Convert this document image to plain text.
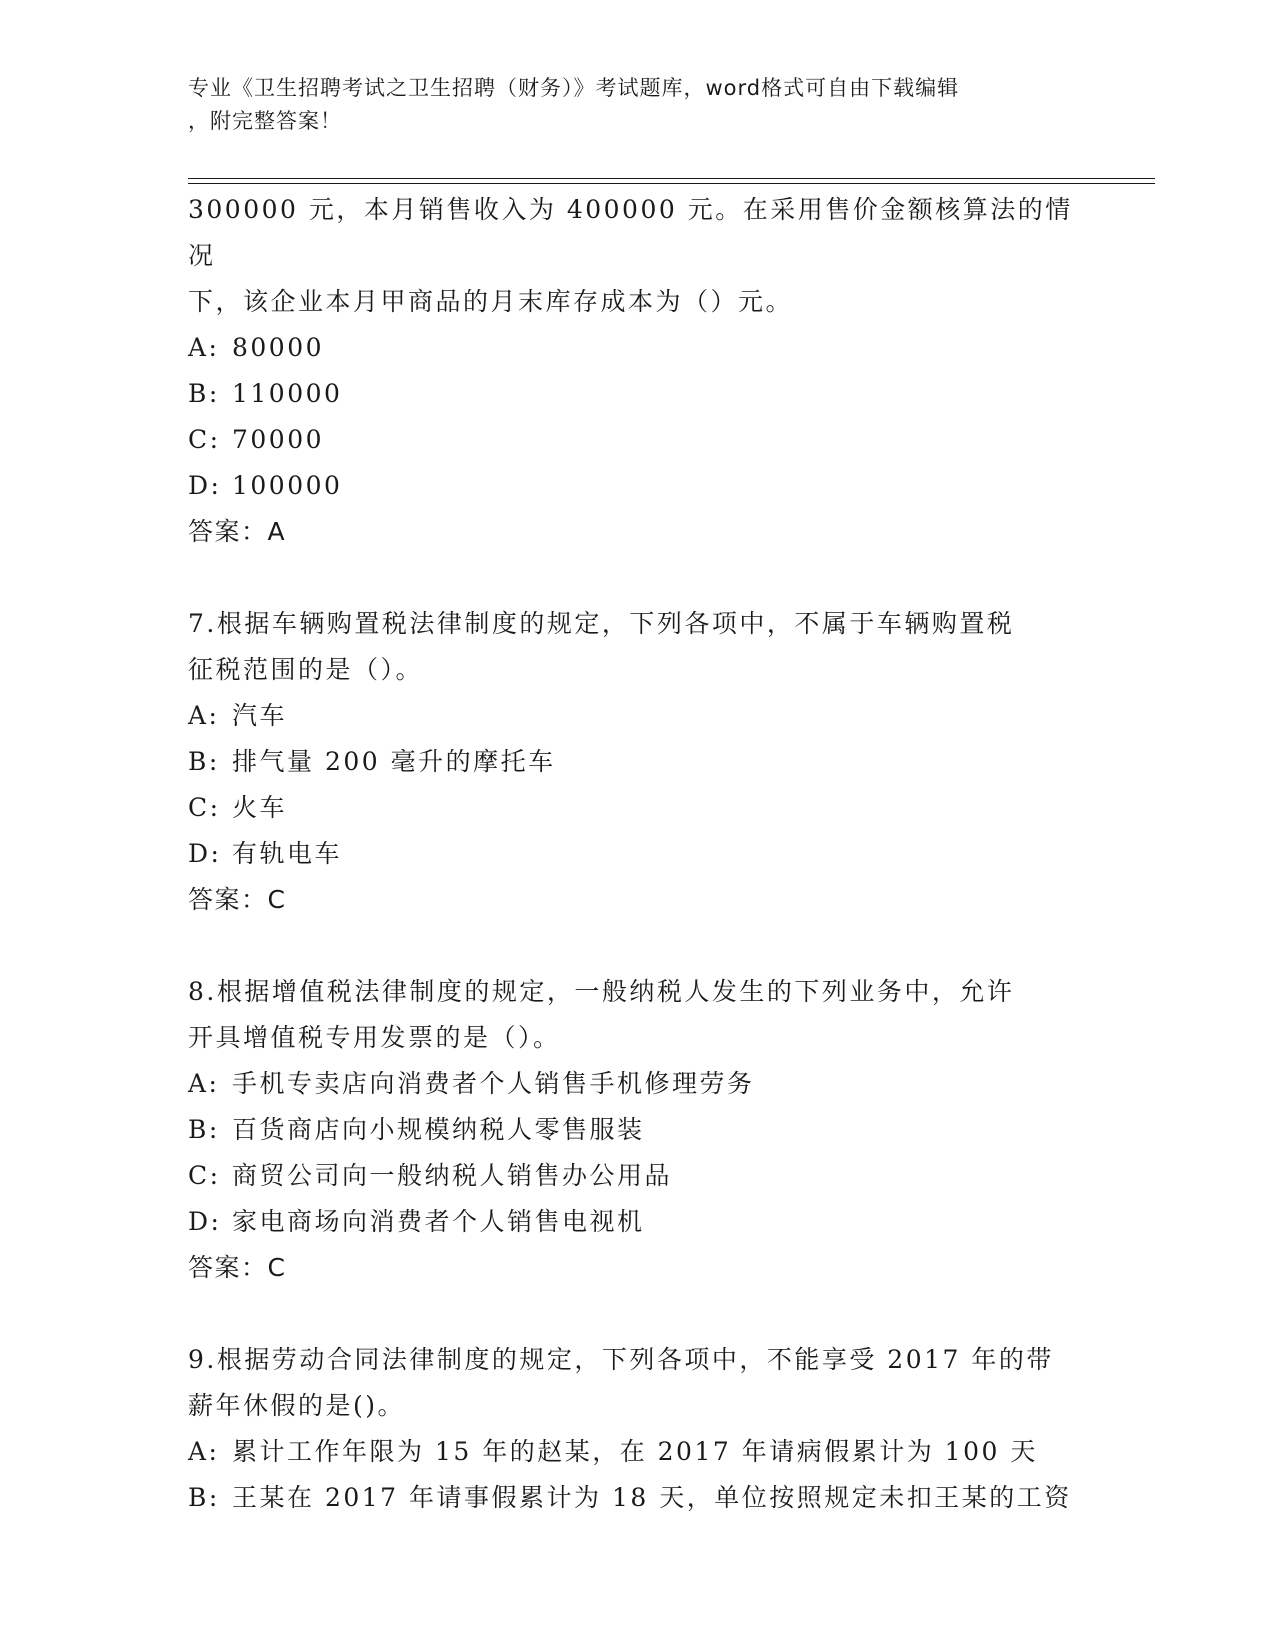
专业《卫生招聘考试之卫生招聘（财务）》考试题库，word格式可自由下载编辑
，附完整答案！

300000 元，本月销售收入为 400000 元。在采用售价金额核算法的情况

下，该企业本月甲商品的月末库存成本为（）元。

A: 80000

B: 110000

C: 70000

D: 100000

答案：A

7.根据车辆购置税法律制度的规定，下列各项中，不属于车辆购置税

征税范围的是（）。

A: 汽车

B: 排气量 200 毫升的摩托车

C: 火车

D: 有轨电车

答案：C

8.根据增值税法律制度的规定，一般纳税人发生的下列业务中，允许

开具增值税专用发票的是（）。

A: 手机专卖店向消费者个人销售手机修理劳务

B: 百货商店向小规模纳税人零售服装

C: 商贸公司向一般纳税人销售办公用品

D: 家电商场向消费者个人销售电视机

答案：C

9.根据劳动合同法律制度的规定，下列各项中，不能享受 2017 年的带

薪年休假的是()。

A: 累计工作年限为 15 年的赵某，在 2017 年请病假累计为 100 天

B: 王某在 2017 年请事假累计为 18 天，单位按照规定未扣王某的工资
